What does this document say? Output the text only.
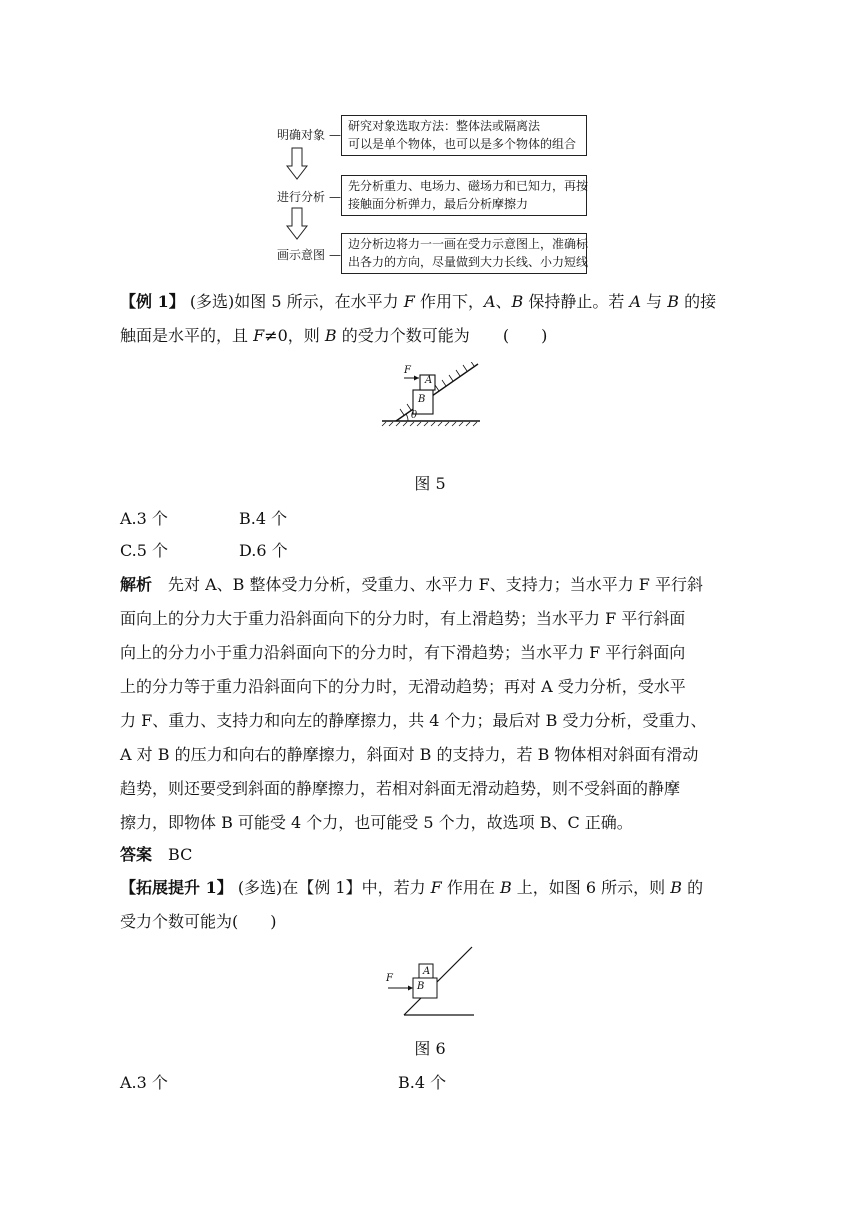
明确对象 —
研究对象选取方法：整体法或隔离法
可以是单个物体，也可以是多个物体的组合
进行分析 —
先分析重力、电场力、磁场力和已知力，再按
接触面分析弹力，最后分析摩擦力
画示意图 —
边分析边将力一一画在受力示意图上，准确标
出各力的方向，尽量做到大力长线、小力短线
【例 1】 (多选)如图 5 所示，在水平力 F 作用下，A、B 保持静止。若 A 与 B 的接
触面是水平的，且 F≠0，则 B 的受力个数可能为 (　　)
F
A
B
θ
图 5
A.3 个	B.4 个
C.5 个	D.6 个
解析　 先对 A、B 整体受力分析，受重力、水平力 F、支持力；当水平力 F 平行斜
面向上的分力大于重力沿斜面向下的分力时，有上滑趋势；当水平力 F 平行斜面
向上的分力小于重力沿斜面向下的分力时，有下滑趋势；当水平力 F 平行斜面向
上的分力等于重力沿斜面向下的分力时，无滑动趋势；再对 A 受力分析，受水平
力 F、重力、支持力和向左的静摩擦力，共 4 个力；最后对 B 受力分析，受重力、
A 对 B 的压力和向右的静摩擦力，斜面对 B 的支持力，若 B 物体相对斜面有滑动
趋势，则还要受到斜面的静摩擦力，若相对斜面无滑动趋势，则不受斜面的静摩
擦力，即物体 B 可能受 4 个力，也可能受 5 个力，故选项 B、C 正确。
答案　 BC
【拓展提升 1】 (多选)在【例 1】中，若力 F 作用在 B 上，如图 6 所示，则 B 的
受力个数可能为(　　)
F
A
B
图 6
A.3 个	B.4 个
